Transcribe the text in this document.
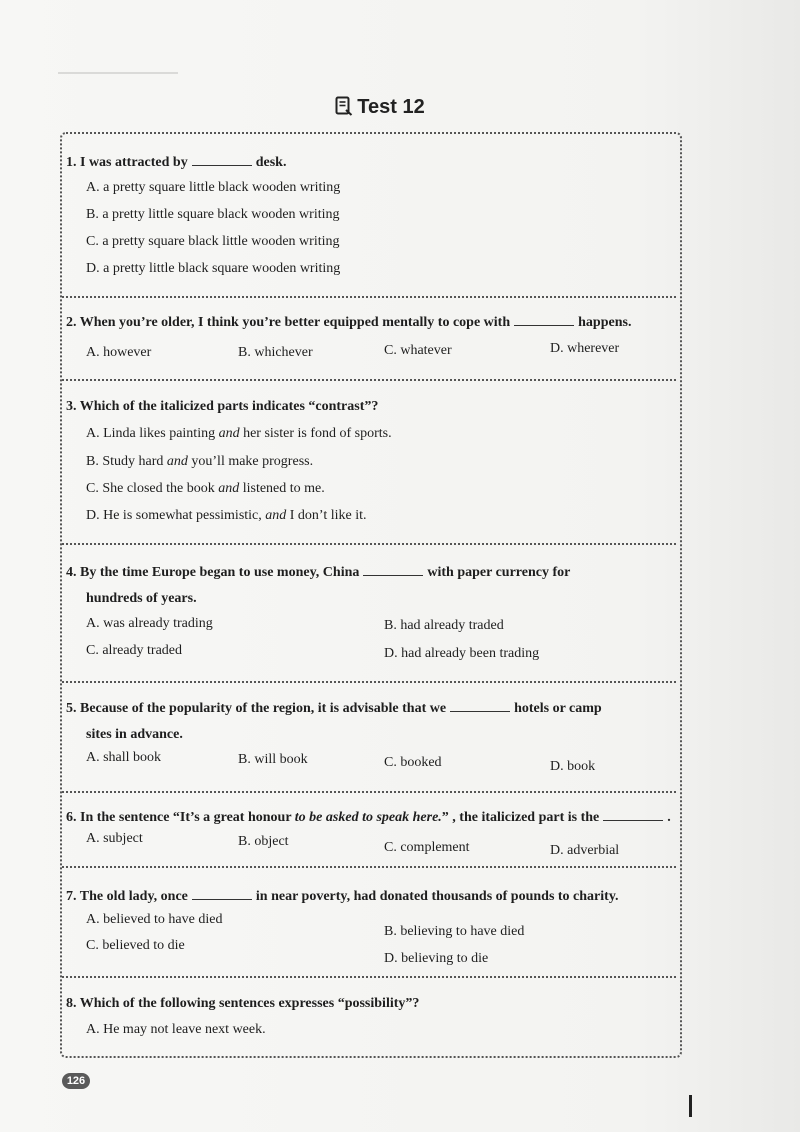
Test 12
1. I was attracted by	desk.
A. a pretty square little black wooden writing
B. a pretty little square black wooden writing
C. a pretty square black little wooden writing
D. a pretty little black square wooden writing
2. When you’re older, I think you’re better equipped mentally to cope with	happens.
A. however	B. whichever	C. whatever	D. wherever
3. Which of the italicized parts indicates “contrast”?
A. Linda likes painting and her sister is fond of sports.
B. Study hard and you’ll make progress.
C. She closed the book and listened to me.
D. He is somewhat pessimistic, and I don’t like it.
4. By the time Europe began to use money, China	with paper currency for
hundreds of years.
A. was already trading	B. had already traded
C. already traded	D. had already been trading
5. Because of the popularity of the region, it is advisable that we	hotels or camp
sites in advance.
A. shall book	B. will book	C. booked	D. book
6. In the sentence “It’s a great honour to be asked to speak here.” , the italicized part is the	.
A. subject	B. object	C. complement	D. adverbial
7. The old lady, once	in near poverty, had donated thousands of pounds to charity.
A. believed to have died
B. believing to have died
C. believed to die
D. believing to die
8. Which of the following sentences expresses “possibility”?
A. He may not leave next week.
126
